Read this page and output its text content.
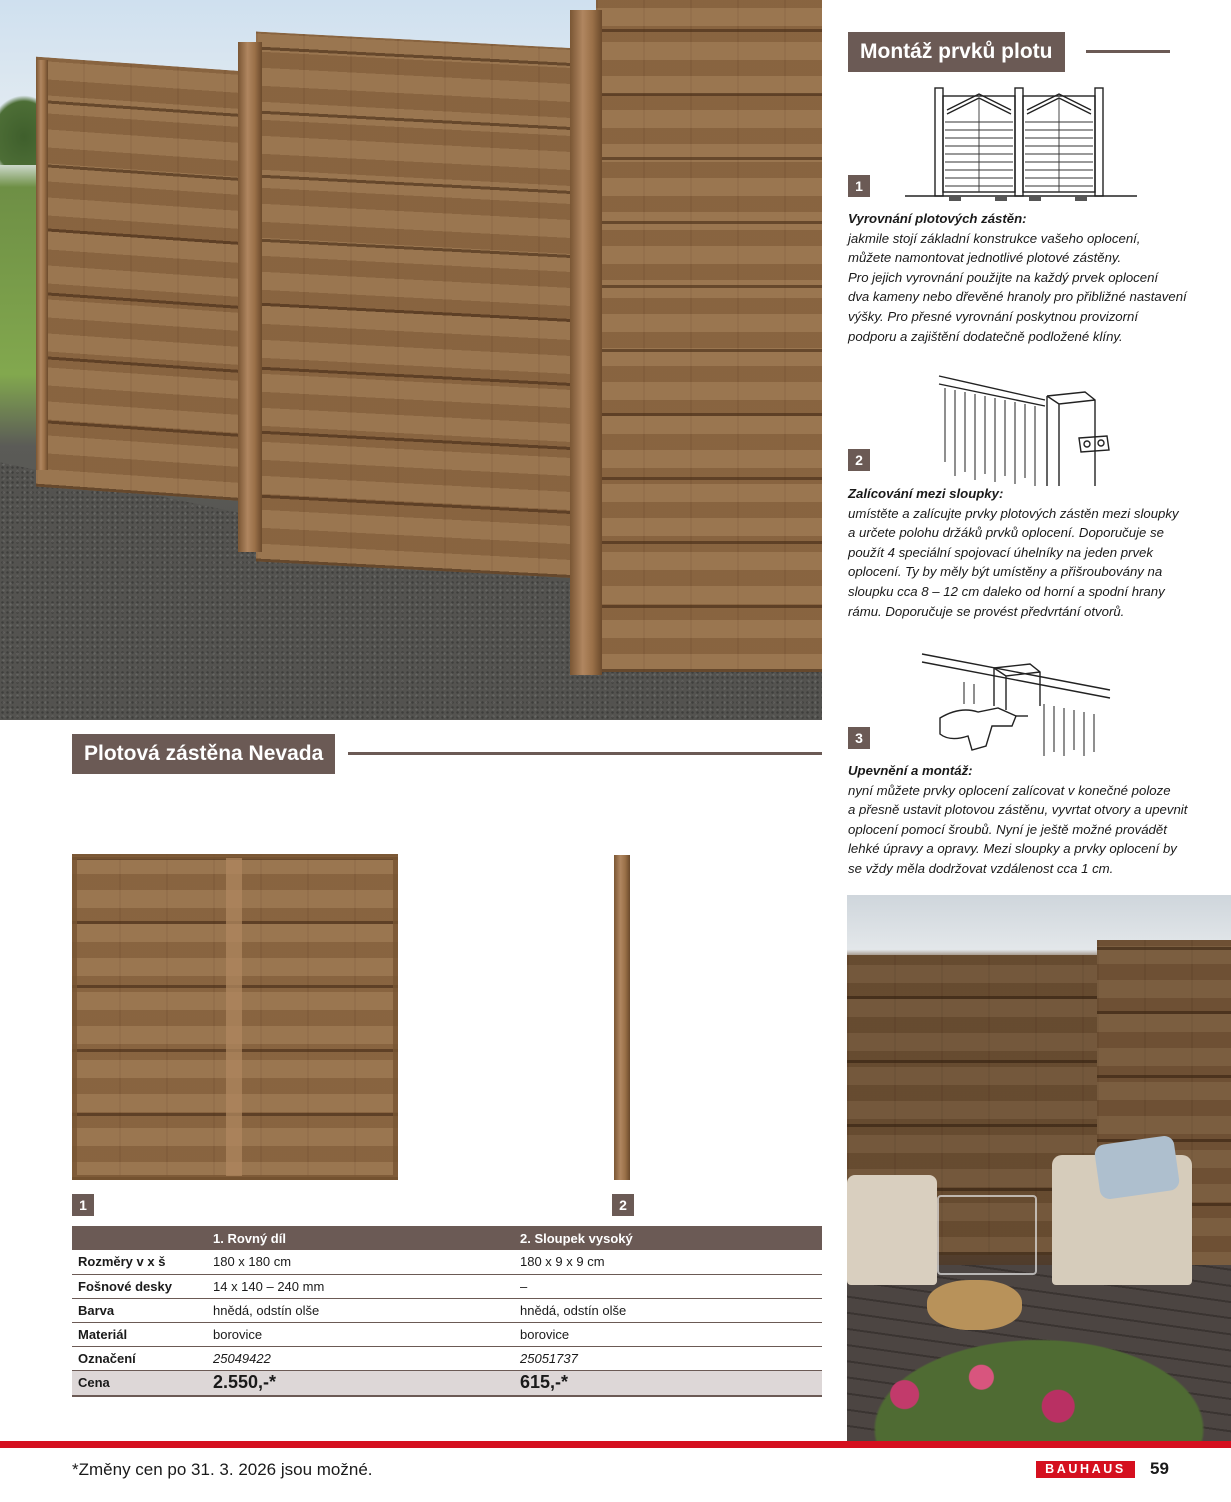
Plotová zástěna Nevada
1	2
	1. Rovný díl	2. Sloupek vysoký
Rozměry v x š	180 x 180 cm	180 x 9 x 9 cm
Fošnové desky	14 x 140 – 240 mm	–
Barva	hnědá, odstín olše	hnědá, odstín olše
Materiál	borovice	borovice
Označení	25049422	25051737
Cena	2.550,-*	615,-*
Montáž prvků plotu
1
Vyrovnání plotových zástěn:
jakmile stojí základní konstrukce vašeho oplocení,
můžete namontovat jednotlivé plotové zástěny.
Pro jejich vyrovnání použijte na každý prvek oplocení
dva kameny nebo dřevěné hranoly pro přibližné nastavení
výšky. Pro přesné vyrovnání poskytnou provizorní
podporu a zajištění dodatečně podložené klíny.
2
Zalícování mezi sloupky:
umístěte a zalícujte prvky plotových zástěn mezi sloupky
a určete polohu držáků prvků oplocení. Doporučuje se
použít 4 speciální spojovací úhelníky na jeden prvek
oplocení. Ty by měly být umístěny a přišroubovány na
sloupku cca 8 – 12 cm daleko od horní a spodní hrany
rámu. Doporučuje se provést předvrtání otvorů.
3
Upevnění a montáž:
nyní můžete prvky oplocení zalícovat v konečné poloze
a přesně ustavit plotovou zástěnu, vyvrtat otvory a upevnit
oplocení pomocí šroubů. Nyní je ještě možné provádět
lehké úpravy a opravy. Mezi sloupky a prvky oplocení by
se vždy měla dodržovat vzdálenost cca 1 cm.
*Změny cen po 31. 3. 2026 jsou možné.	BAUHAUS	59
